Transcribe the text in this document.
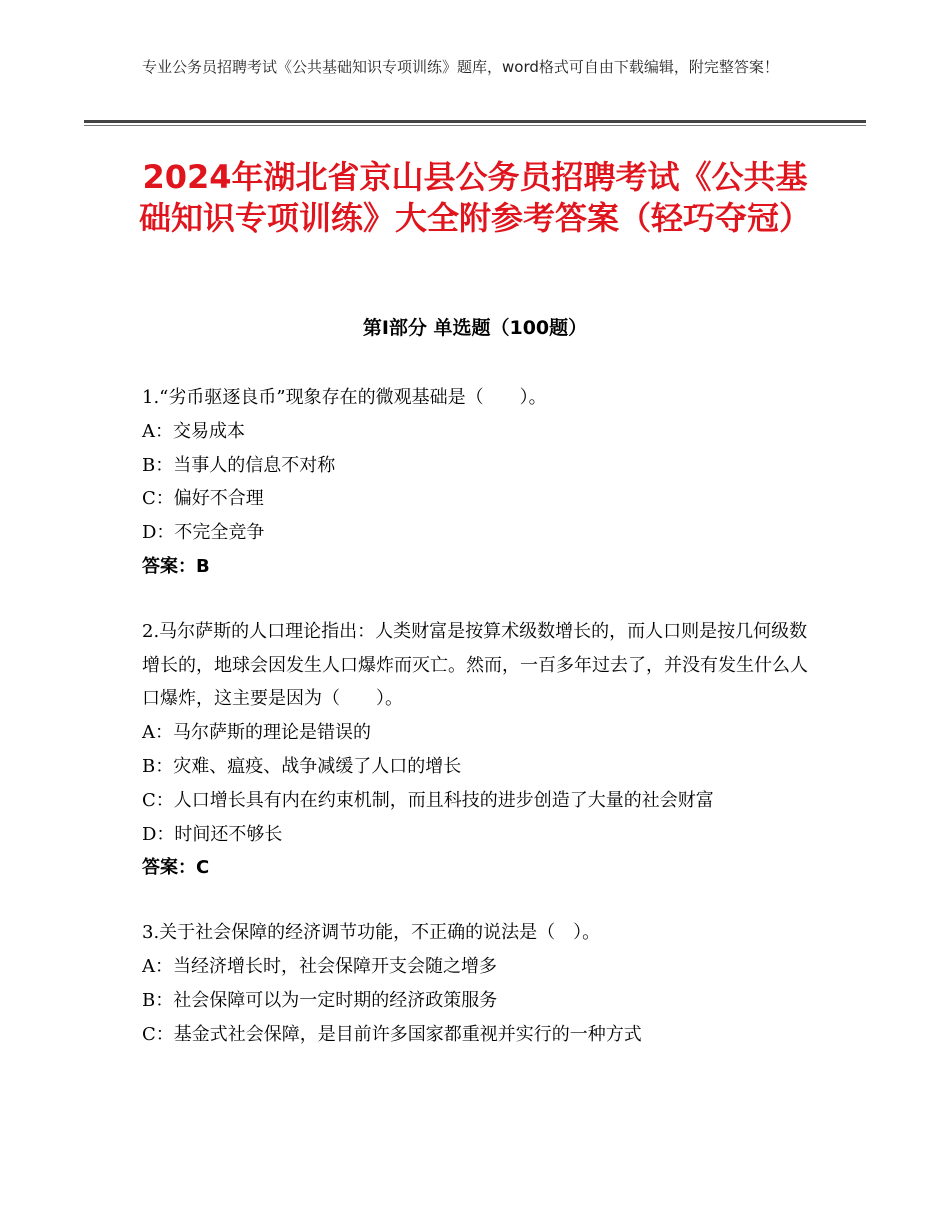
专业公务员招聘考试《公共基础知识专项训练》题库，word格式可自由下载编辑，附完整答案！
2024年湖北省京山县公务员招聘考试《公共基础知识专项训练》大全附参考答案（轻巧夺冠）
第Ⅰ部分 单选题（100题）

1.“劣币驱逐良币”现象存在的微观基础是（　　）。

A：交易成本

B：当事人的信息不对称

C：偏好不合理

D：不完全竞争

答案：B

2.马尔萨斯的人口理论指出：人类财富是按算术级数增长的，而人口则是按几何级数增长的，地球会因发生人口爆炸而灭亡。然而，一百多年过去了，并没有发生什么人口爆炸，这主要是因为（　　）。

A：马尔萨斯的理论是错误的

B：灾难、瘟疫、战争减缓了人口的增长

C：人口增长具有内在约束机制，而且科技的进步创造了大量的社会财富

D：时间还不够长

答案：C

3.关于社会保障的经济调节功能，不正确的说法是（　）。

A：当经济增长时，社会保障开支会随之增多

B：社会保障可以为一定时期的经济政策服务

C：基金式社会保障，是目前许多国家都重视并实行的一种方式
